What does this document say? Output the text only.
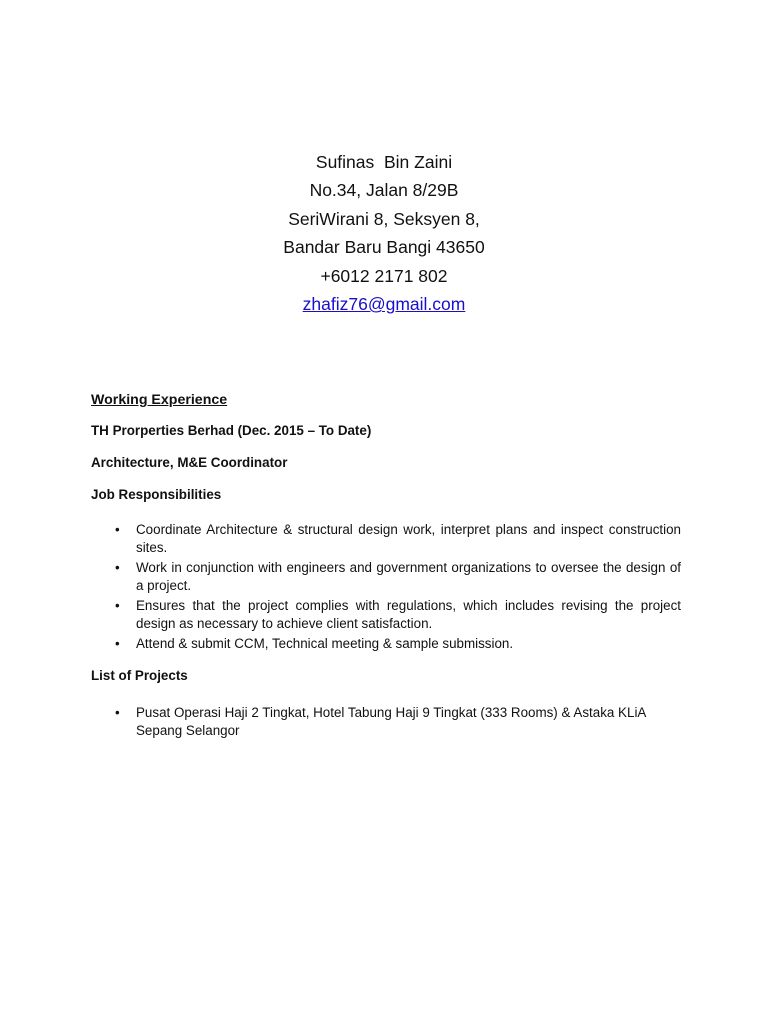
Sufinas  Bin Zaini
No.34, Jalan 8/29B
SeriWirani 8, Seksyen 8,
Bandar Baru Bangi 43650
+6012 2171 802
zhafiz76@gmail.com

Working Experience

TH Prorperties Berhad (Dec. 2015 – To Date)

Architecture, M&E Coordinator

Job Responsibilities

• Coordinate Architecture & structural design work, interpret plans and inspect construction sites.
• Work in conjunction with engineers and government organizations to oversee the design of a project.
• Ensures that the project complies with regulations, which includes revising the project design as necessary to achieve client satisfaction.
• Attend & submit CCM, Technical meeting & sample submission.

List of Projects

• Pusat Operasi Haji 2 Tingkat, Hotel Tabung Haji 9 Tingkat (333 Rooms) & Astaka KLiA Sepang Selangor
